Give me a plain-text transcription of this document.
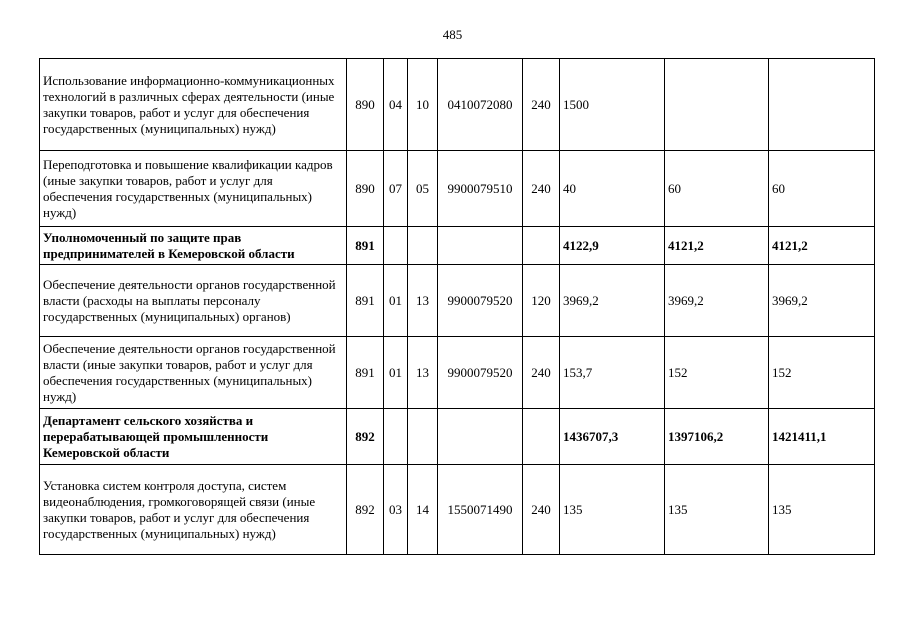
485
Использование информационно-коммуникационных технологий в различных сферах деятельности (иные закупки товаров, работ и услуг для обеспечения государственных (муниципальных) нужд)	890	04	10	0410072080	240	1500		
Переподготовка и повышение квалификации кадров (иные закупки товаров, работ и услуг для обеспечения государственных (муниципальных) нужд)	890	07	05	9900079510	240	40	60	60
Уполномоченный по защите прав предпринимателей в Кемеровской области	891					4122,9	4121,2	4121,2
Обеспечение деятельности органов государственной власти (расходы на выплаты персоналу государственных (муниципальных) органов)	891	01	13	9900079520	120	3969,2	3969,2	3969,2
Обеспечение деятельности органов государственной власти (иные закупки товаров, работ и услуг для обеспечения государственных (муниципальных) нужд)	891	01	13	9900079520	240	153,7	152	152
Департамент сельского хозяйства и перерабатывающей промышленности Кемеровской области	892					1436707,3	1397106,2	1421411,1
Установка систем контроля доступа, систем видеонаблюдения, громкоговорящей связи (иные закупки товаров, работ и услуг для обеспечения государственных (муниципальных) нужд)	892	03	14	1550071490	240	135	135	135
